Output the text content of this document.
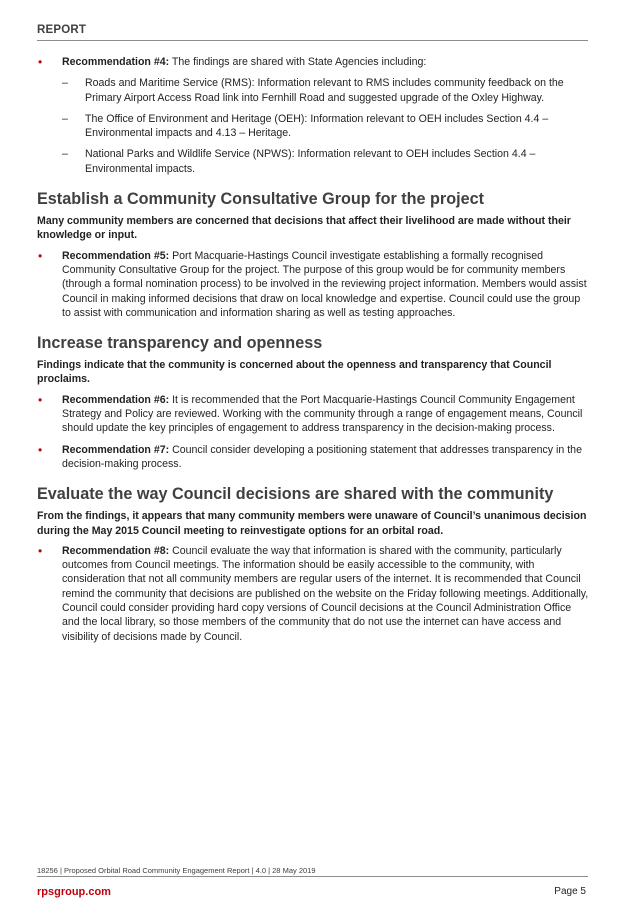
REPORT
• Recommendation #4: The findings are shared with State Agencies including:
– Roads and Maritime Service (RMS): Information relevant to RMS includes community feedback on the Primary Airport Access Road link into Fernhill Road and suggested upgrade of the Oxley Highway.
– The Office of Environment and Heritage (OEH): Information relevant to OEH includes Section 4.4 – Environmental impacts and 4.13 – Heritage.
– National Parks and Wildlife Service (NPWS): Information relevant to OEH includes Section 4.4 – Environmental impacts.
Establish a Community Consultative Group for the project
Many community members are concerned that decisions that affect their livelihood are made without their knowledge or input.
• Recommendation #5: Port Macquarie-Hastings Council investigate establishing a formally recognised Community Consultative Group for the project. The purpose of this group would be for community members (through a formal nomination process) to be involved in the reviewing project information. Members would assist Council in making informed decisions that draw on local knowledge and expertise. Council could use the group to assist with communication and information sharing as well as testing approaches.
Increase transparency and openness
Findings indicate that the community is concerned about the openness and transparency that Council proclaims.
• Recommendation #6: It is recommended that the Port Macquarie-Hastings Council Community Engagement Strategy and Policy are reviewed. Working with the community through a range of engagement means, Council should update the key principles of engagement to address transparency in the decision-making process.
• Recommendation #7: Council consider developing a positioning statement that addresses transparency in the decision-making process.
Evaluate the way Council decisions are shared with the community
From the findings, it appears that many community members were unaware of Council’s unanimous decision during the May 2015 Council meeting to reinvestigate options for an orbital road.
• Recommendation #8: Council evaluate the way that information is shared with the community, particularly outcomes from Council meetings. The information should be easily accessible to the community, with consideration that not all community members are regular users of the internet. It is recommended that Council remind the community that decisions are published on the website on the Friday following meetings. Additionally, Council could consider providing hard copy versions of Council decisions at the Council Administration Office and the local library, so those members of the community that do not use the internet can have access and visibility of decisions made by Council.
18256 | Proposed Orbital Road Community Engagement Report | 4.0 | 28 May 2019
rpsgroup.com	Page 5
